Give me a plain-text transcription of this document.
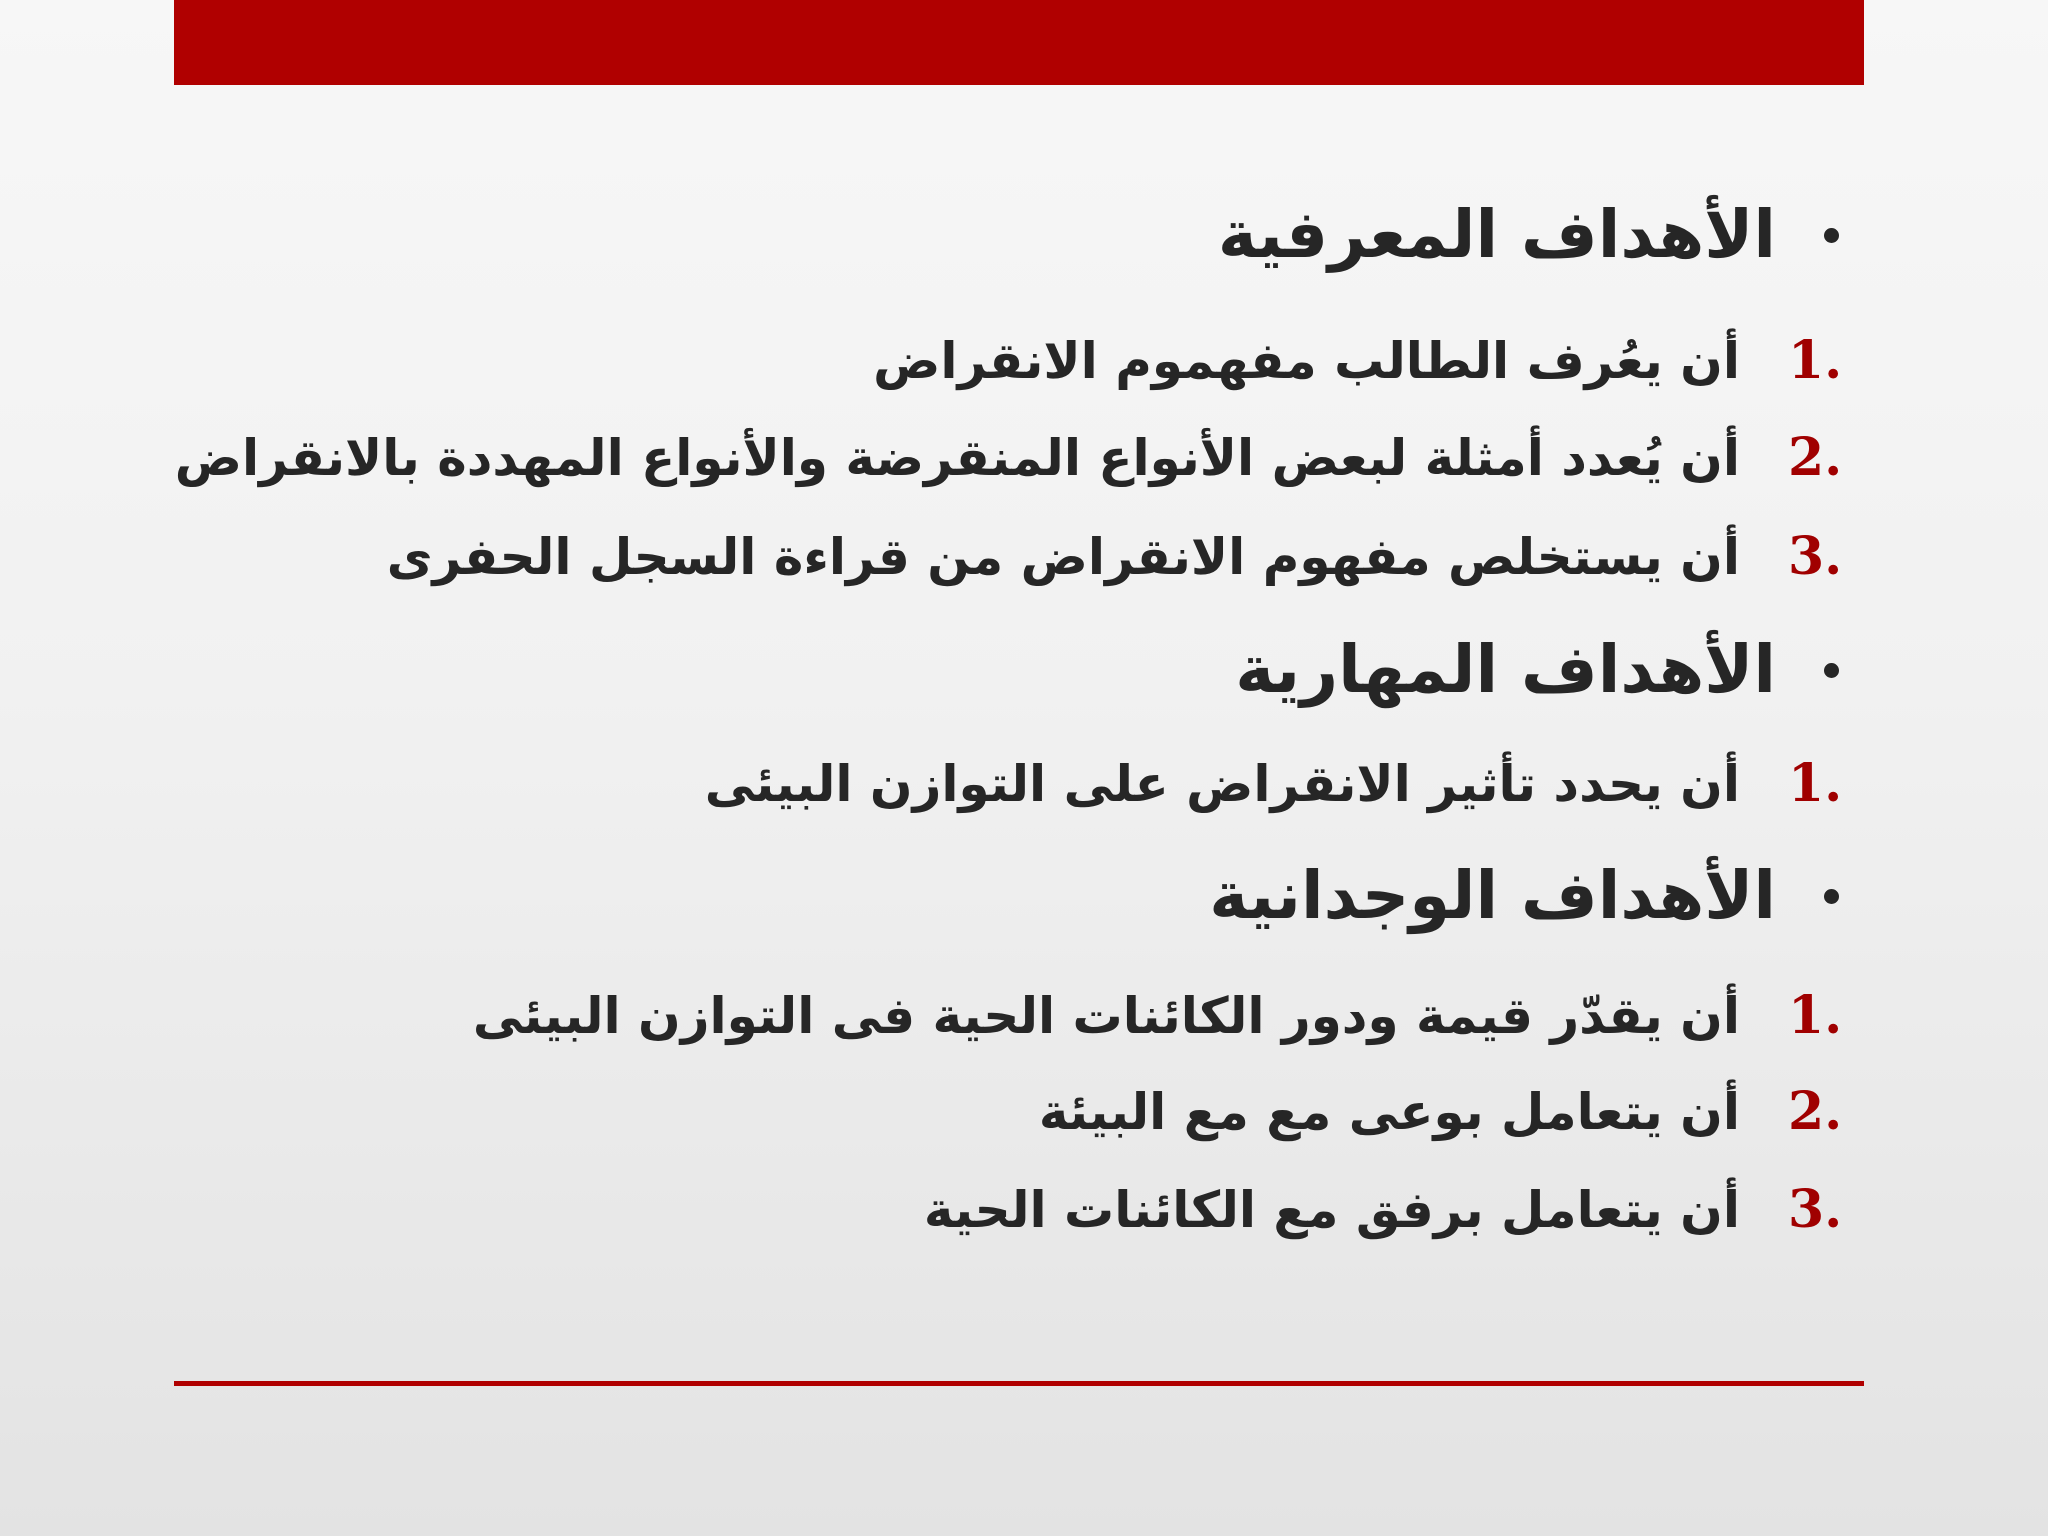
الأهداف المعرفية
1.
أن يعُرف الطالب مفهموم الانقراض
2.
أن يُعدد أمثلة لبعض الأنواع المنقرضة والأنواع المهددة بالانقراض
3.
أن يستخلص مفهوم الانقراض من قراءة السجل الحفرى
الأهداف المهارية
1.
أن يحدد تأثير الانقراض على التوازن البيئى
الأهداف الوجدانية
1.
أن يقدّر قيمة ودور الكائنات الحية فى التوازن البيئى
2.
أن يتعامل بوعى مع مع البيئة
3.
أن يتعامل برفق مع الكائنات الحية
